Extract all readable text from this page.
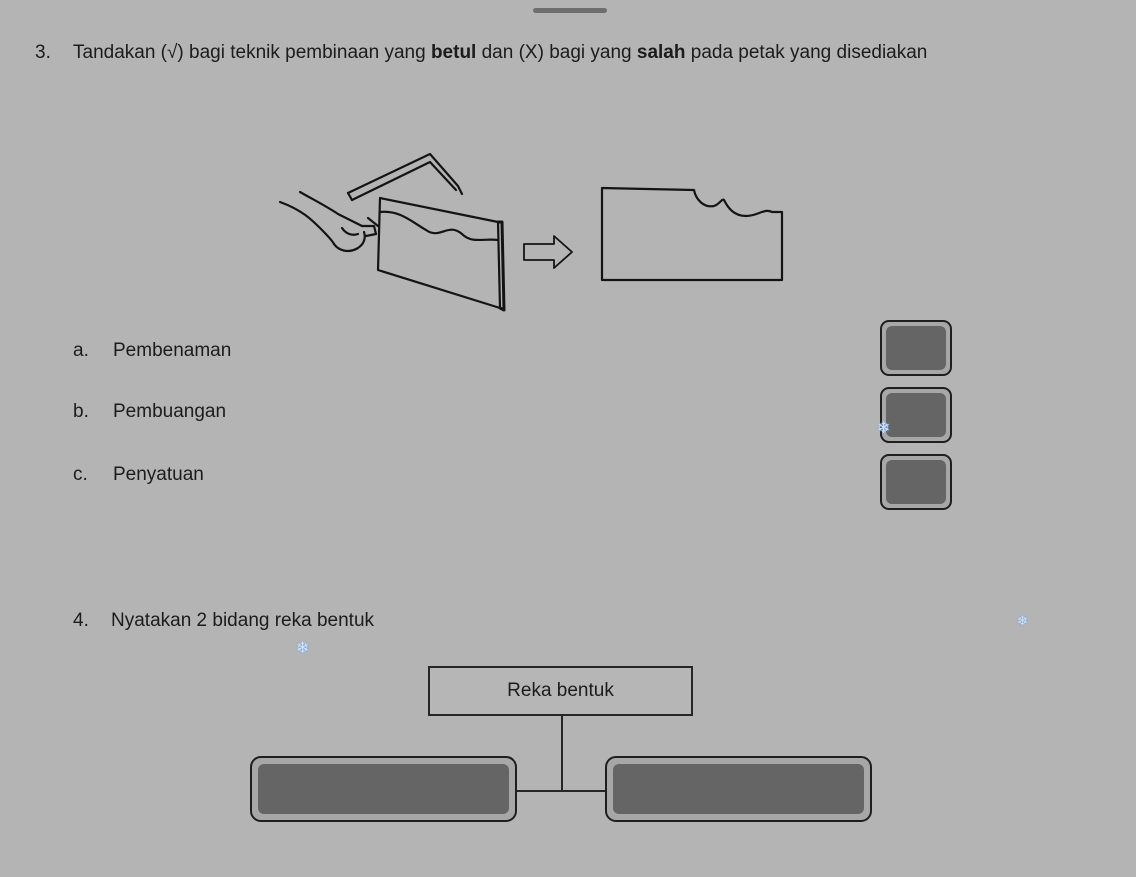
3. Tandakan (√) bagi teknik pembinaan yang betul dan (X) bagi yang salah pada petak yang disediakan
a. Pembenaman
b. Pembuangan
c. Penyatuan
❄
❄
❄
4. Nyatakan 2 bidang reka bentuk
Reka bentuk
